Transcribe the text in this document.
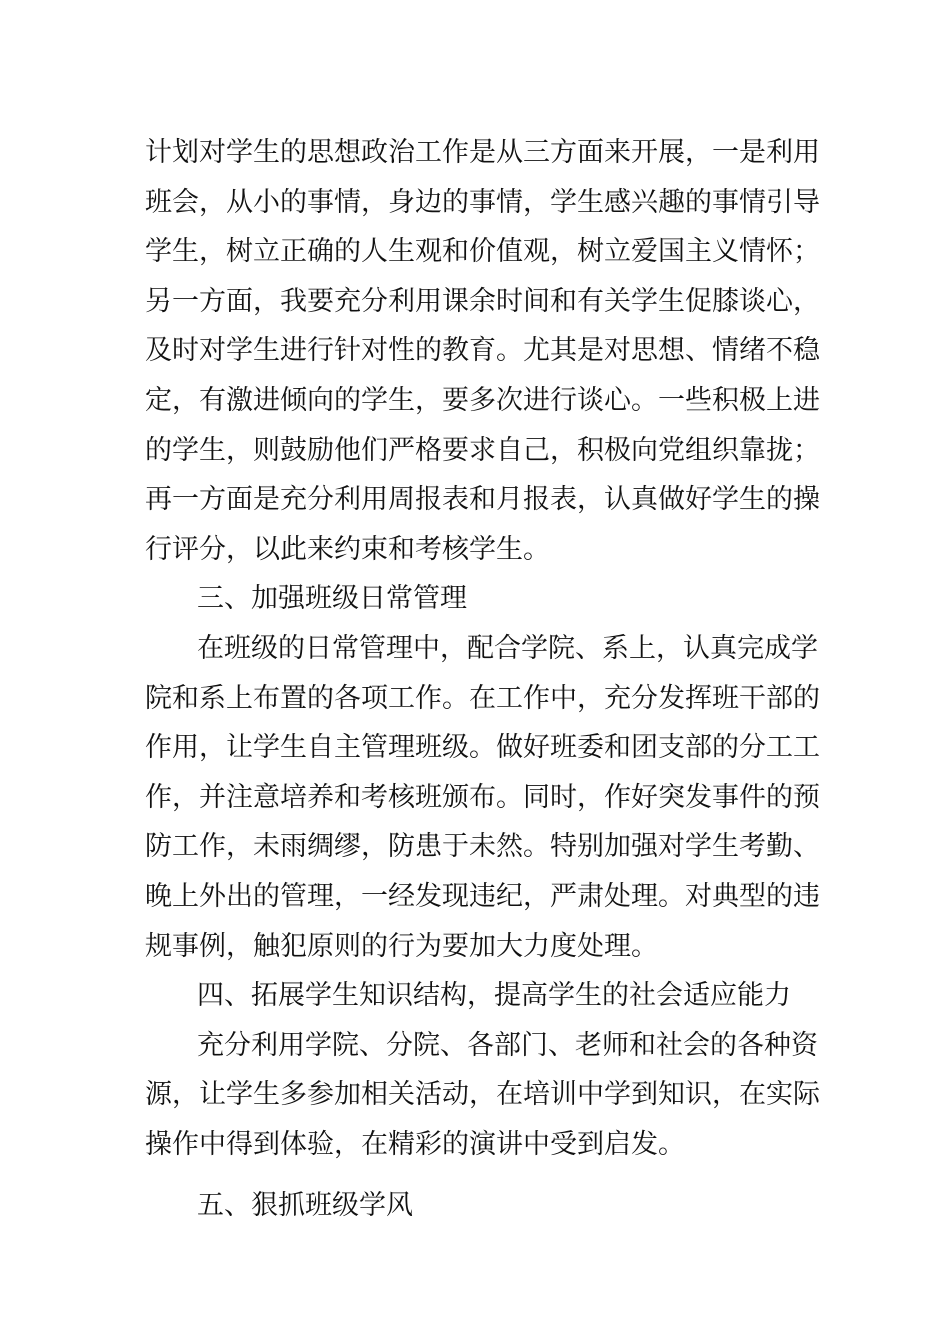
计划对学生的思想政治工作是从三方面来开展，一是利用
班会，从小的事情，身边的事情，学生感兴趣的事情引导
学生，树立正确的人生观和价值观，树立爱国主义情怀；
另一方面，我要充分利用课余时间和有关学生促膝谈心，
及时对学生进行针对性的教育。尤其是对思想、情绪不稳
定，有激进倾向的学生，要多次进行谈心。一些积极上进
的学生，则鼓励他们严格要求自己，积极向党组织靠拢；
再一方面是充分利用周报表和月报表，认真做好学生的操
行评分，以此来约束和考核学生。
三、加强班级日常管理
在班级的日常管理中，配合学院、系上，认真完成学
院和系上布置的各项工作。在工作中，充分发挥班干部的
作用，让学生自主管理班级。做好班委和团支部的分工工
作，并注意培养和考核班颁布。同时，作好突发事件的预
防工作，未雨绸缪，防患于未然。特别加强对学生考勤、
晚上外出的管理，一经发现违纪，严肃处理。对典型的违
规事例，触犯原则的行为要加大力度处理。
四、拓展学生知识结构，提高学生的社会适应能力
充分利用学院、分院、各部门、老师和社会的各种资
源，让学生多参加相关活动，在培训中学到知识，在实际
操作中得到体验，在精彩的演讲中受到启发。
五、狠抓班级学风
